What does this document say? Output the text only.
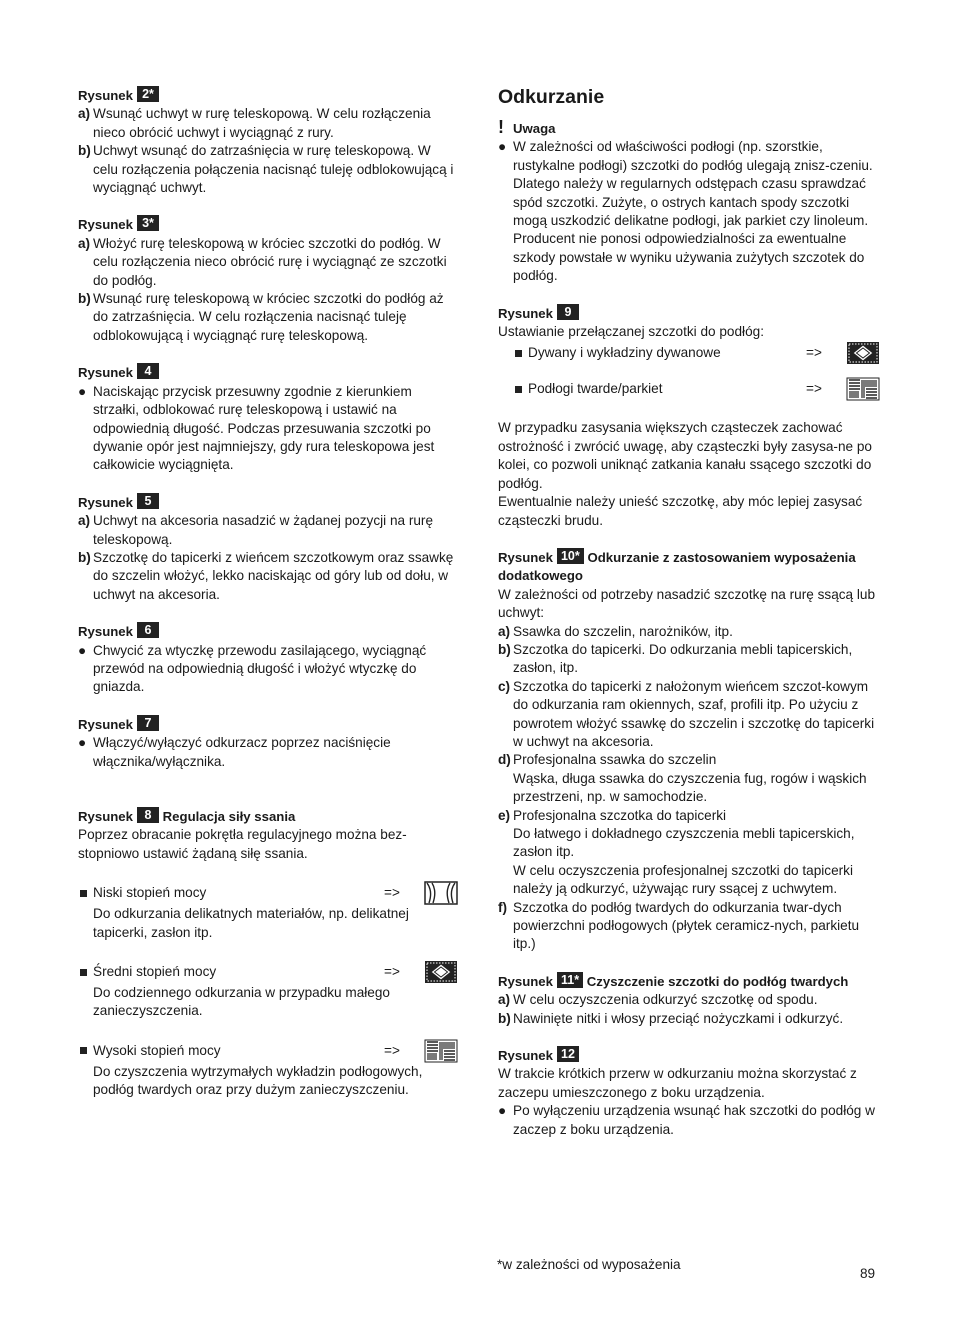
Rysunek 2*
a) Wsunąć uchwyt w rurę teleskopową. W celu rozłączenia nieco obrócić uchwyt i wyciągnąć z rury.
b) Uchwyt wsunąć do zatrzaśnięcia w rurę teleskopową. W celu rozłączenia połączenia nacisnąć tuleję odblokowującą i wyciągnąć uchwyt.
Rysunek 3*
a) Włożyć rurę teleskopową w króciec szczotki do podłóg. W celu rozłączenia nieco obrócić rurę i wyciągnąć ze szczotki do podłóg.
b) Wsunąć rurę teleskopową w króciec szczotki do podłóg aż do zatrzaśnięcia. W celu rozłączenia nacisnąć tuleję odblokowującą i wyciągnąć rurę teleskopową.
Rysunek 4
● Naciskając przycisk przesuwny zgodnie z kierunkiem strzałki, odblokować rurę teleskopową i ustawić na odpowiednią długość. Podczas przesuwania szczotki po dywanie opór jest najmniejszy, gdy rura teleskopowa jest całkowicie wyciągnięta.
Rysunek 5
a) Uchwyt na akcesoria nasadzić w żądanej pozycji na rurę teleskopową.
b) Szczotkę do tapicerki z wieńcem szczotkowym oraz ssawkę do szczelin włożyć, lekko naciskając od góry lub od dołu, w uchwyt na akcesoria.
Rysunek 6
● Chwycić za wtyczkę przewodu zasilającego, wyciągnąć przewód na odpowiednią długość i włożyć wtyczkę do gniazda.
Rysunek 7
● Włączyć/wyłączyć odkurzacz poprzez naciśnięcie włącznika/wyłącznika.
Rysunek 8 Regulacja siły ssania
Poprzez obracanie pokrętła regulacyjnego można bez-stopniowo ustawić żądaną siłę ssania.
Niski stopień mocy	=>
Do odkurzania delikatnych materiałów, np. delikatnej tapicerki, zasłon itp.
Średni stopień mocy	=>
Do codziennego odkurzania w przypadku małego zanieczyszczenia.
Wysoki stopień mocy	=>
Do czyszczenia wytrzymałych wykładzin podłogowych, podłóg twardych oraz przy dużym zanieczyszczeniu.
Odkurzanie
! Uwaga
● W zależności od właściwości podłogi (np. szorstkie, rustykalne podłogi) szczotki do podłóg ulegają znisz-czeniu. Dlatego należy w regularnych odstępach czasu sprawdzać spód szczotki. Zużyte, o ostrych kantach spody szczotki mogą uszkodzić delikatne podłogi, jak parkiet czy linoleum. Producent nie ponosi odpowiedzialności za ewentualne szkody powstałe w wyniku używania zużytych szczotek do podłóg.
Rysunek 9
Ustawianie przełączanej szczotki do podłóg:
Dywany i wykładziny dywanowe	=>
Podłogi twarde/parkiet	=>
W przypadku zasysania większych cząsteczek zachować ostrożność i zwrócić uwagę, aby cząsteczki były zasysa-ne po kolei, co pozwoli uniknąć zatkania kanału ssącego szczotki do podłóg.
Ewentualnie należy unieść szczotkę, aby móc lepiej zasysać cząsteczki brudu.
Rysunek 10* Odkurzanie z zastosowaniem wyposażenia dodatkowego
W zależności od potrzeby nasadzić szczotkę na rurę ssącą lub uchwyt:
a) Ssawka do szczelin, narożników, itp.
b) Szczotka do tapicerki. Do odkurzania mebli tapicerskich, zasłon, itp.
c) Szczotka do tapicerki z nałożonym wieńcem szczot-kowym do odkurzania ram okiennych, szaf, profili itp. Po użyciu z powrotem włożyć ssawkę do szczelin i szczotkę do tapicerki w uchwyt na akcesoria.
d) Profesjonalna ssawka do szczelin
Wąska, długa ssawka do czyszczenia fug, rogów i wąskich przestrzeni, np. w samochodzie.
e) Profesjonalna szczotka do tapicerki
Do łatwego i dokładnego czyszczenia mebli tapicerskich, zasłon itp.
W celu oczyszczenia profesjonalnej szczotki do tapicerki należy ją odkurzyć, używając rury ssącej z uchwytem.
f) Szczotka do podłóg twardych do odkurzania twar-dych powierzchni podłogowych (płytek ceramicz-nych, parkietu itp.)
Rysunek 11* Czyszczenie szczotki do podłóg twardych
a) W celu oczyszczenia odkurzyć szczotkę od spodu.
b) Nawinięte nitki i włosy przeciąć nożyczkami i odkurzyć.
Rysunek 12
W trakcie krótkich przerw w odkurzaniu można skorzystać z zaczepu umieszczonego z boku urządzenia.
● Po wyłączeniu urządzenia wsunąć hak szczotki do podłóg w zaczep z boku urządzenia.
*w zależności od wyposażenia
89
